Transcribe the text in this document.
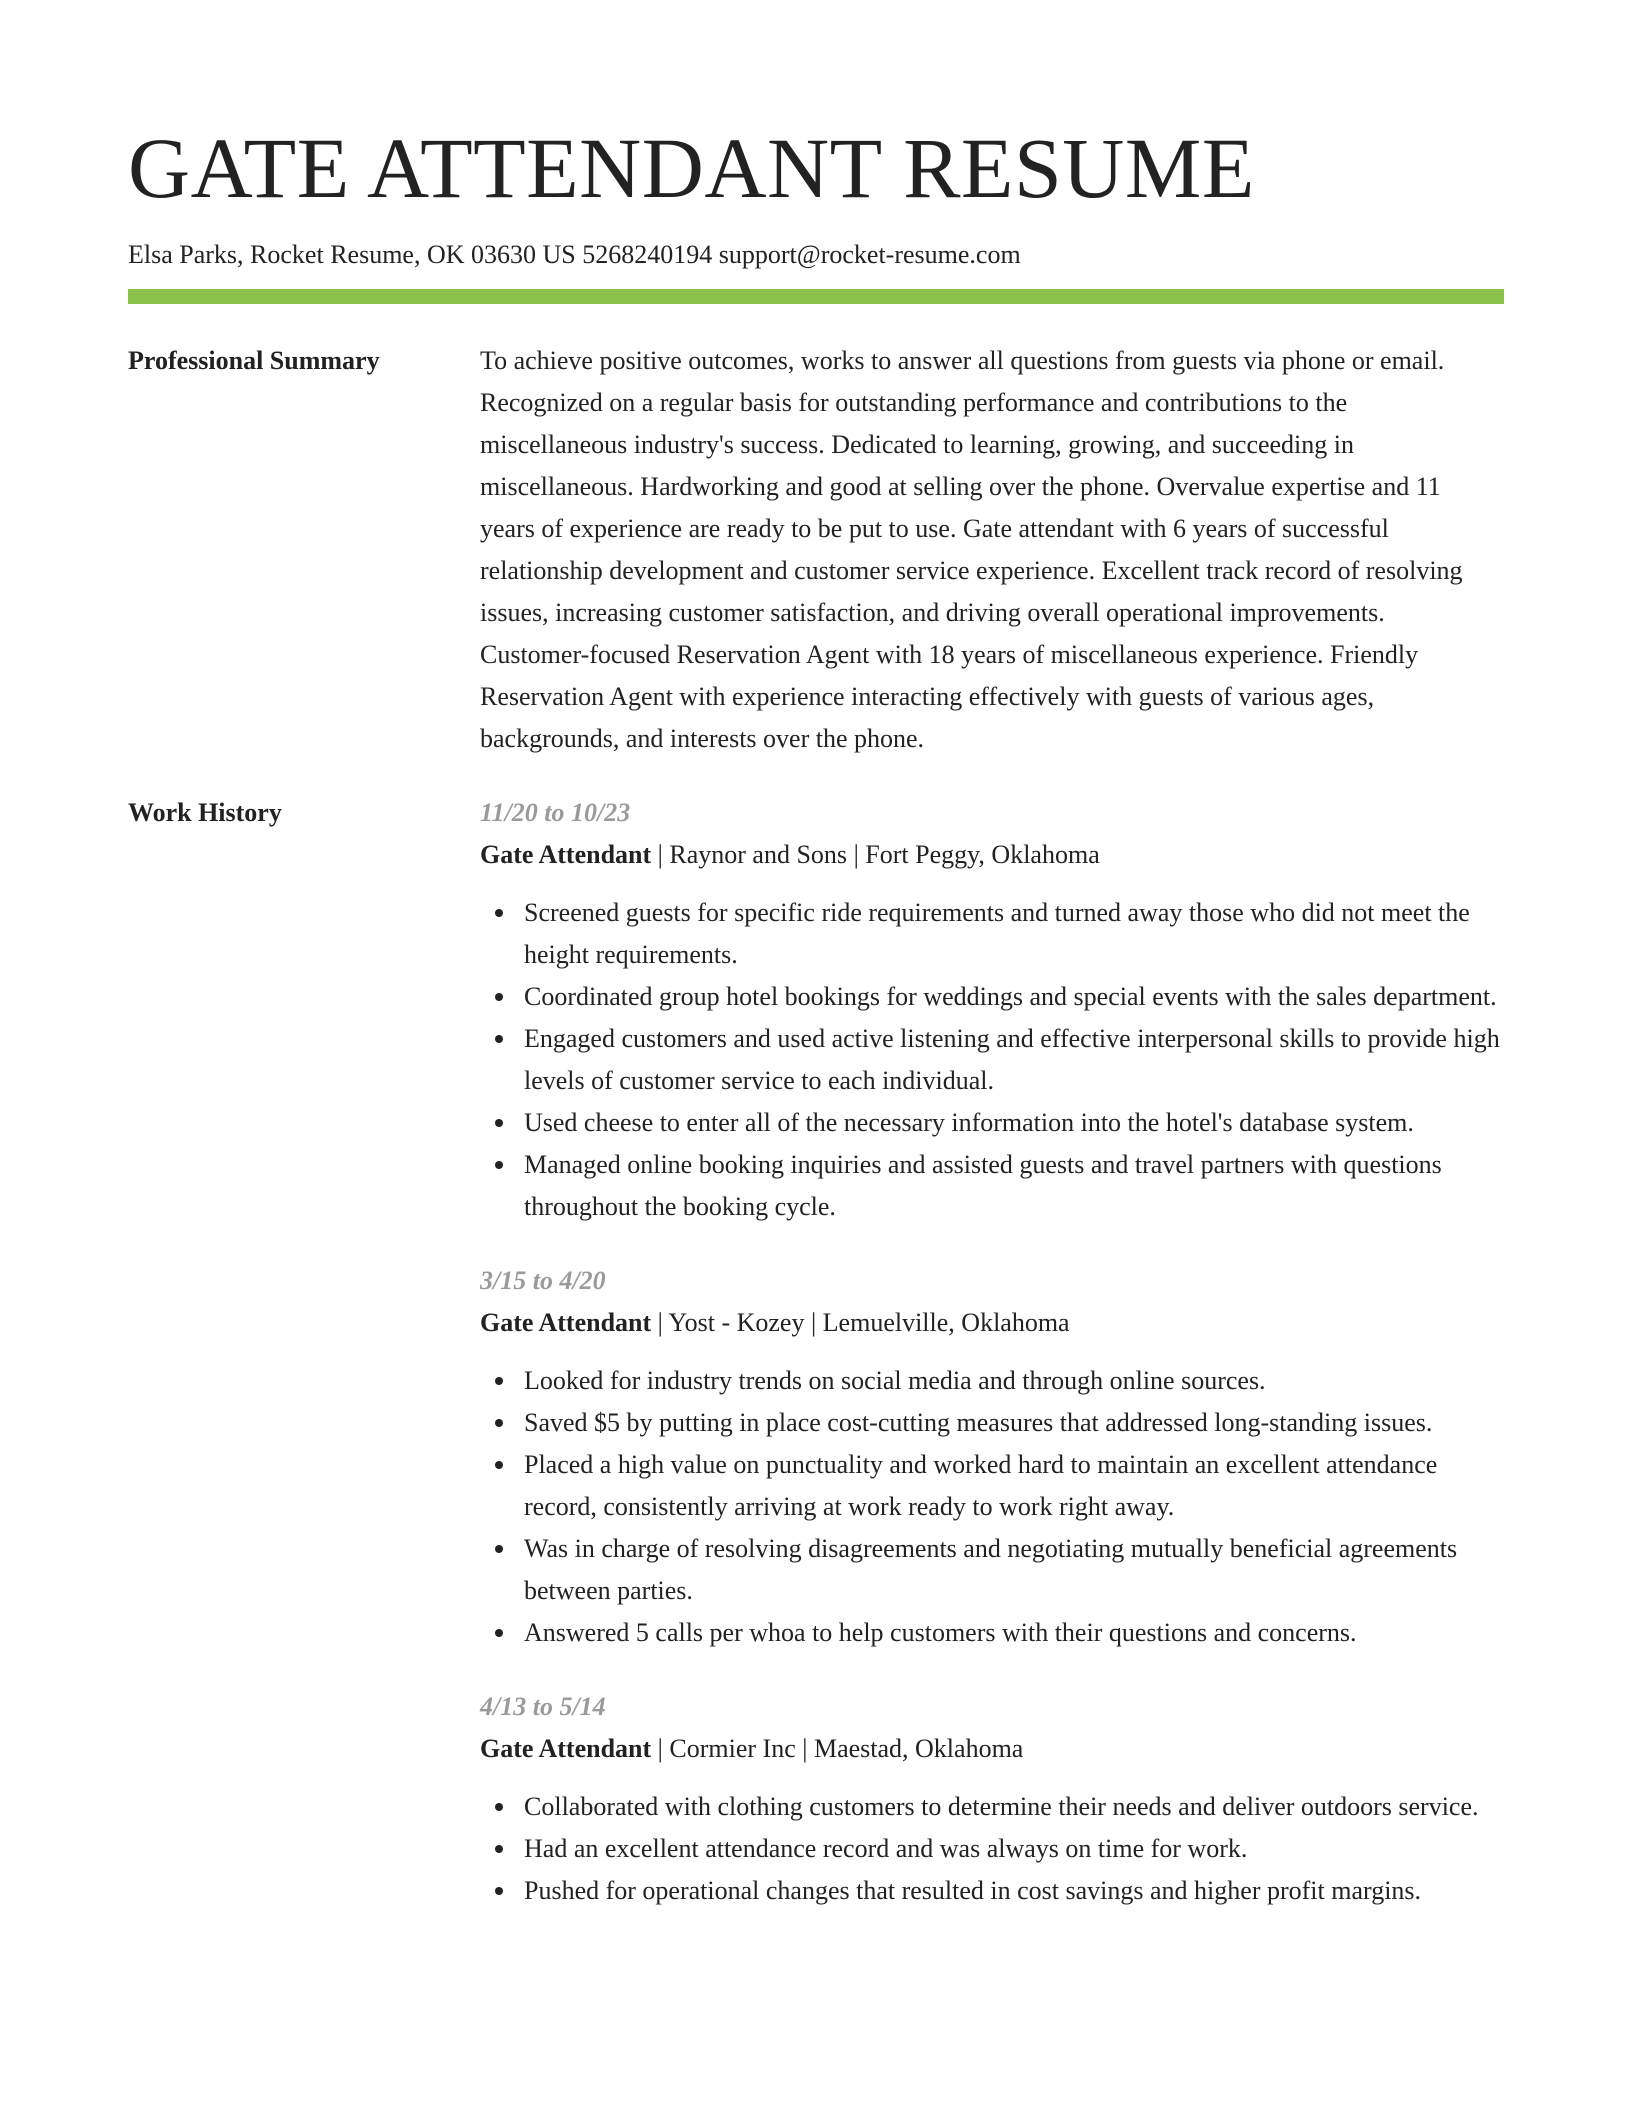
GATE ATTENDANT RESUME
Elsa Parks, Rocket Resume, OK 03630 US 5268240194 support@rocket-resume.com
Professional Summary	To achieve positive outcomes, works to answer all questions from guests via phone or email. Recognized on a regular basis for outstanding performance and contributions to the miscellaneous industry's success. Dedicated to learning, growing, and succeeding in miscellaneous. Hardworking and good at selling over the phone. Overvalue expertise and 11 years of experience are ready to be put to use. Gate attendant with 6 years of successful relationship development and customer service experience. Excellent track record of resolving issues, increasing customer satisfaction, and driving overall operational improvements. Customer-focused Reservation Agent with 18 years of miscellaneous experience. Friendly Reservation Agent with experience interacting effectively with guests of various ages, backgrounds, and interests over the phone.

Work History	11/20 to 10/23
Gate Attendant | Raynor and Sons | Fort Peggy, Oklahoma
Screened guests for specific ride requirements and turned away those who did not meet the height requirements.
Coordinated group hotel bookings for weddings and special events with the sales department.
Engaged customers and used active listening and effective interpersonal skills to provide high levels of customer service to each individual.
Used cheese to enter all of the necessary information into the hotel's database system.
Managed online booking inquiries and assisted guests and travel partners with questions throughout the booking cycle.
3/15 to 4/20
Gate Attendant | Yost - Kozey | Lemuelville, Oklahoma
Looked for industry trends on social media and through online sources.
Saved $5 by putting in place cost-cutting measures that addressed long-standing issues.
Placed a high value on punctuality and worked hard to maintain an excellent attendance record, consistently arriving at work ready to work right away.
Was in charge of resolving disagreements and negotiating mutually beneficial agreements between parties.
Answered 5 calls per whoa to help customers with their questions and concerns.
4/13 to 5/14
Gate Attendant | Cormier Inc | Maestad, Oklahoma
Collaborated with clothing customers to determine their needs and deliver outdoors service.
Had an excellent attendance record and was always on time for work.
Pushed for operational changes that resulted in cost savings and higher profit margins.
